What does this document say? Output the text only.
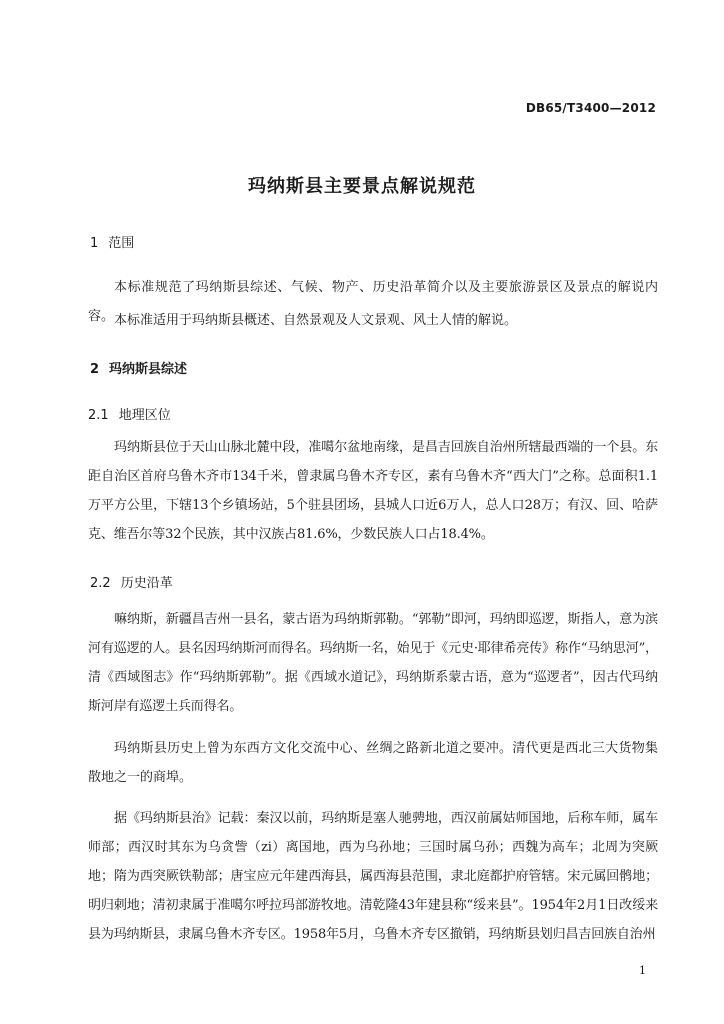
DB65/T3400—2012
玛纳斯县主要景点解说规范
1 范围

本标准规范了玛纳斯县综述、气候、物产、历史沿革简介以及主要旅游景区及景点的解说内容。 本标准适用于玛纳斯县概述、自然景观及人文景观、风土人情的解说。

2 玛纳斯县综述
2.1 地理区位

玛纳斯县位于天山山脉北麓中段，准噶尔盆地南缘，是昌吉回族自治州所辖最西端的一个县。东距自治区首府乌鲁木齐市134千米，曾隶属乌鲁木齐专区，素有乌鲁木齐“西大门”之称。总面积1.1万平方公里，下辖13个乡镇场站，5个驻县团场，县城人口近6万人，总人口28万；有汉、回、哈萨克、维吾尔等32个民族，其中汉族占81.6%，少数民族人口占18.4%。

2.2 历史沿革

嘛纳斯，新疆昌吉州一县名，蒙古语为玛纳斯郭勒。“郭勒”即河，玛纳即巡逻，斯指人，意为滨河有巡逻的人。县名因玛纳斯河而得名。玛纳斯一名，始见于《元史·耶律希亮传》称作“马纳思河”，清《西域图志》作“玛纳斯郭勒”。据《西域水道记》，玛纳斯系蒙古语，意为“巡逻者”，因古代玛纳斯河岸有巡逻土兵而得名。

玛纳斯县历史上曾为东西方文化交流中心、丝绸之路新北道之要冲。清代更是西北三大货物集散地之一的商埠。

据《玛纳斯县治》记载：秦汉以前，玛纳斯是塞人驰骋地，西汉前属姑师国地，后称车师，属车师部；西汉时其东为乌贪訾（zi）离国地，西为乌孙地；三国时属乌孙；西魏为高车；北周为突厥地；隋为西突厥铁勒部；唐宝应元年建西海县，属西海县范围，隶北庭都护府管辖。宋元属回鹘地；明归剌地；清初隶属于准噶尔呼拉玛部游牧地。清乾隆43年建县称“绥来县”。1954年2月1日改绥来县为玛纳斯县，隶属乌鲁木齐专区。1958年5月，乌鲁木齐专区撤销，玛纳斯县划归昌吉回族自治州

1
